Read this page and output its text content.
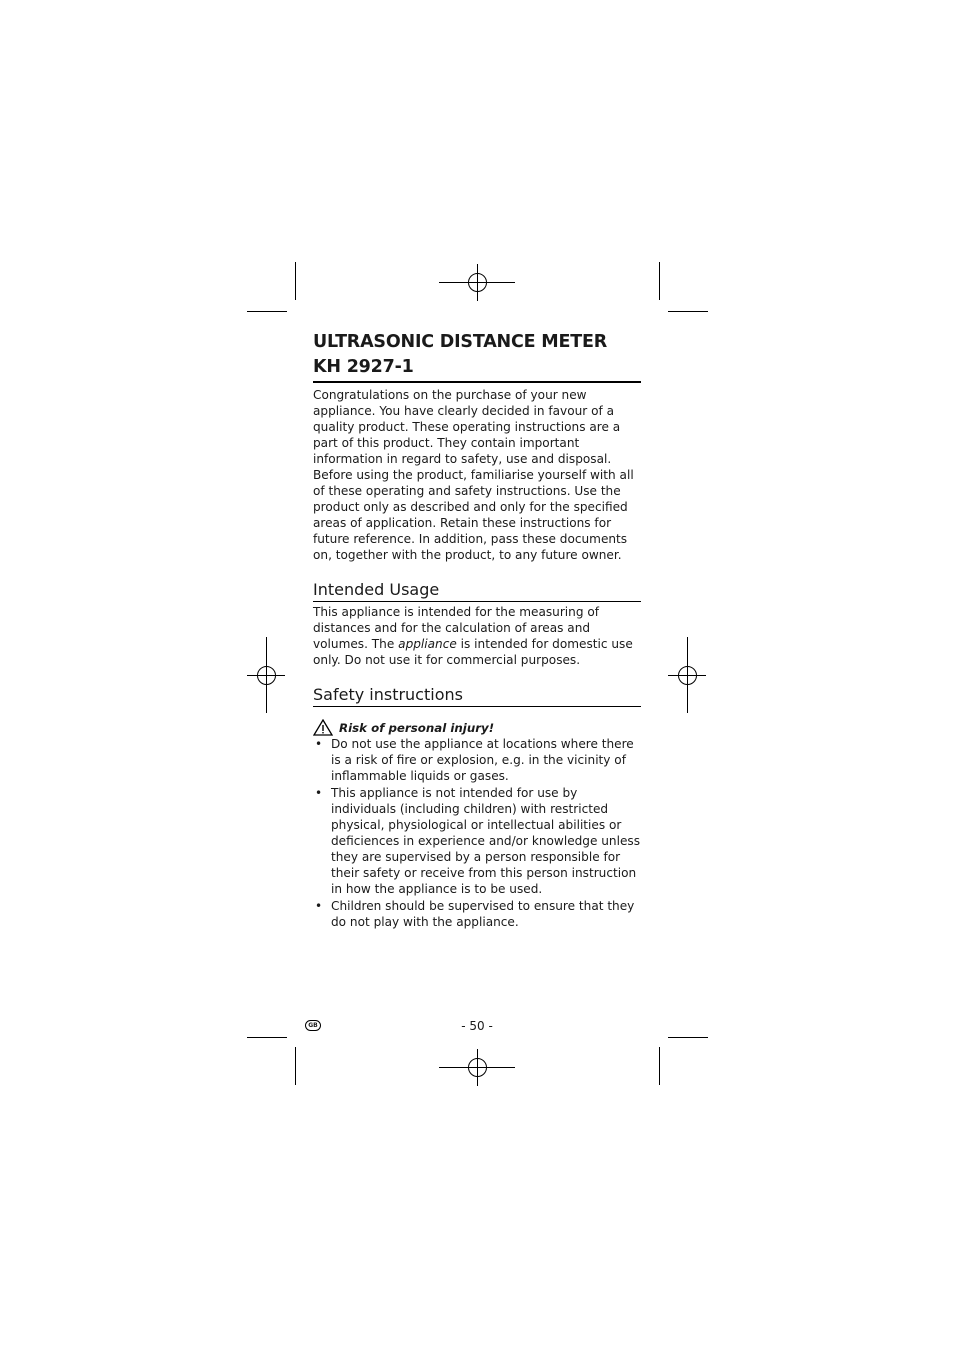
ULTRASONIC DISTANCE METER
KH 2927-1

Congratulations on the purchase of your new appliance. You have clearly decided in favour of a quality product. These operating instructions are a part of this product. They contain important information in regard to safety, use and disposal. Before using the product, familiarise yourself with all of these operating and safety instructions. Use the product only as described and only for the specified areas of application. Retain these instructions for future reference. In addition, pass these documents on, together with the product, to any future owner.

Intended Usage

This appliance is intended for the measuring of distances and for the calculation of areas and volumes. The appliance is intended for domestic use only. Do not use it for commercial purposes.

Safety instructions
Risk of personal injury!
• Do not use the appliance at locations where there is a risk of fire or explosion, e.g. in the vicinity of inflammable liquids or gases.
• This appliance is not intended for use by individuals (including children) with restricted physical, physiological or intellectual abilities or deficiences in experience and/or knowledge unless they are supervised by a person responsible for their safety or receive from this person instruction in how the appliance is to be used.
• Children should be supervised to ensure that they do not play with the appliance.
GB	- 50 -
